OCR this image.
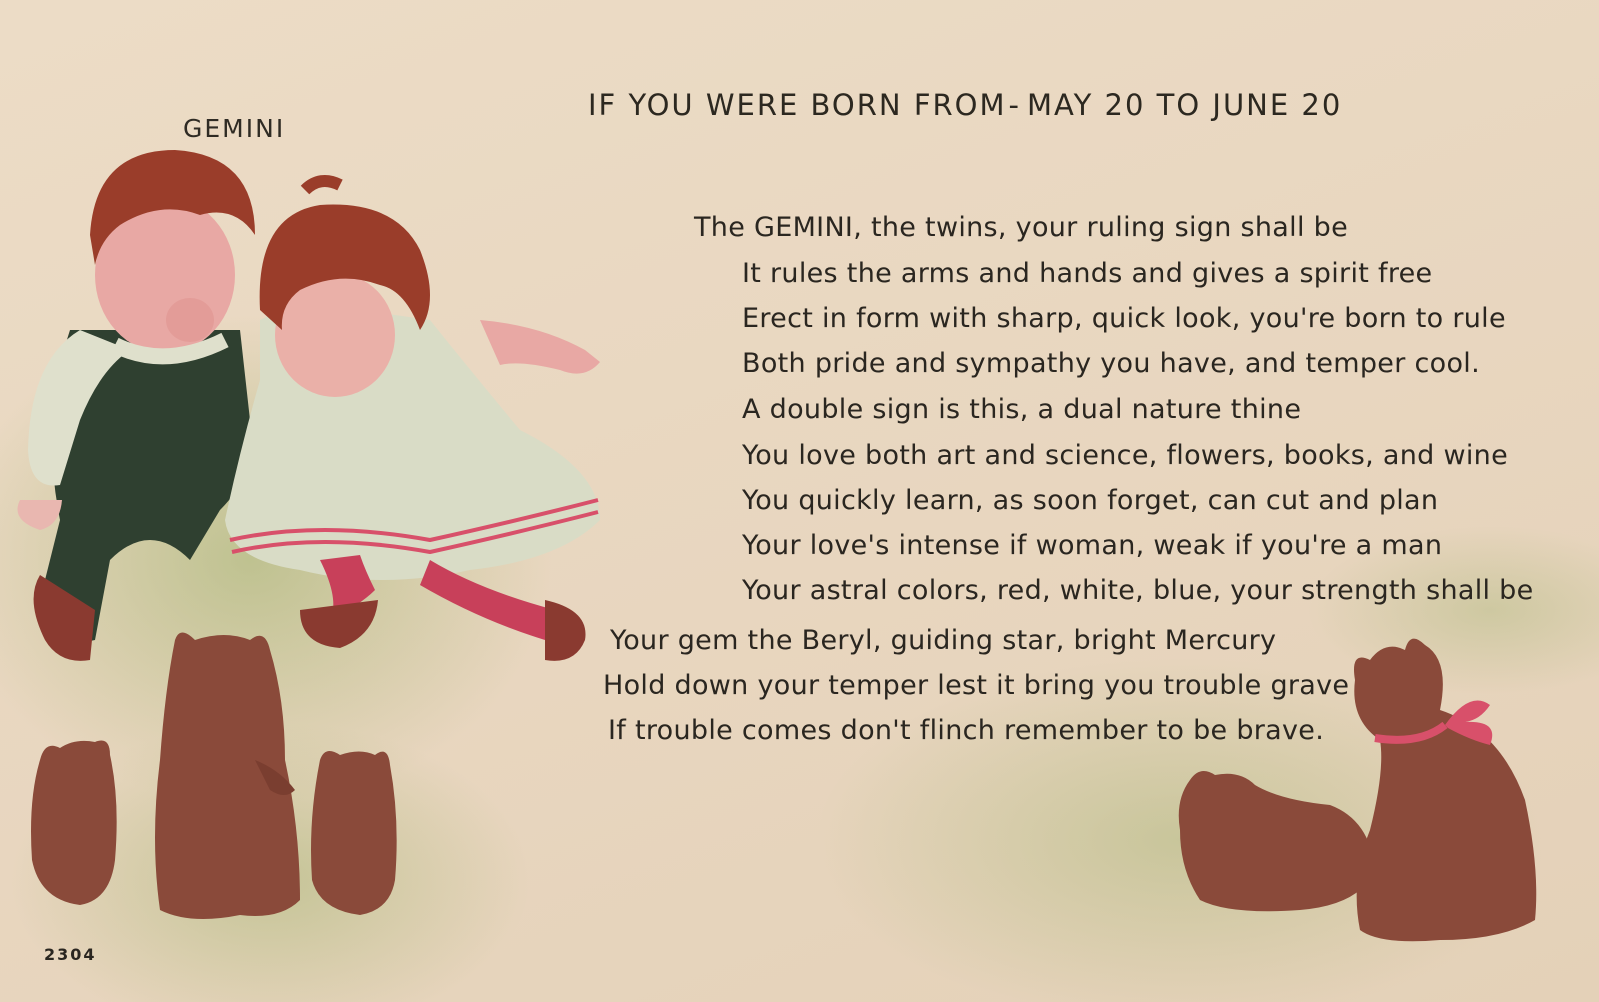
GEMINI
IF YOU WERE BORN FROM- MAY 20 TO JUNE 20
The GEMINI, the twins, your ruling sign shall be
It rules the arms and hands and gives a spirit free
Erect in form with sharp, quick look, you're born to rule
Both pride and sympathy you have, and temper cool.
A double sign is this, a dual nature thine
You love both art and science, flowers, books, and wine
You quickly learn, as soon forget, can cut and plan
Your love's intense if woman, weak if you're a man
Your astral colors, red, white, blue, your strength shall be
Your gem the Beryl, guiding star, bright Mercury
Hold down your temper lest it bring you trouble grave
If trouble comes don't flinch remember to be brave.
2304
